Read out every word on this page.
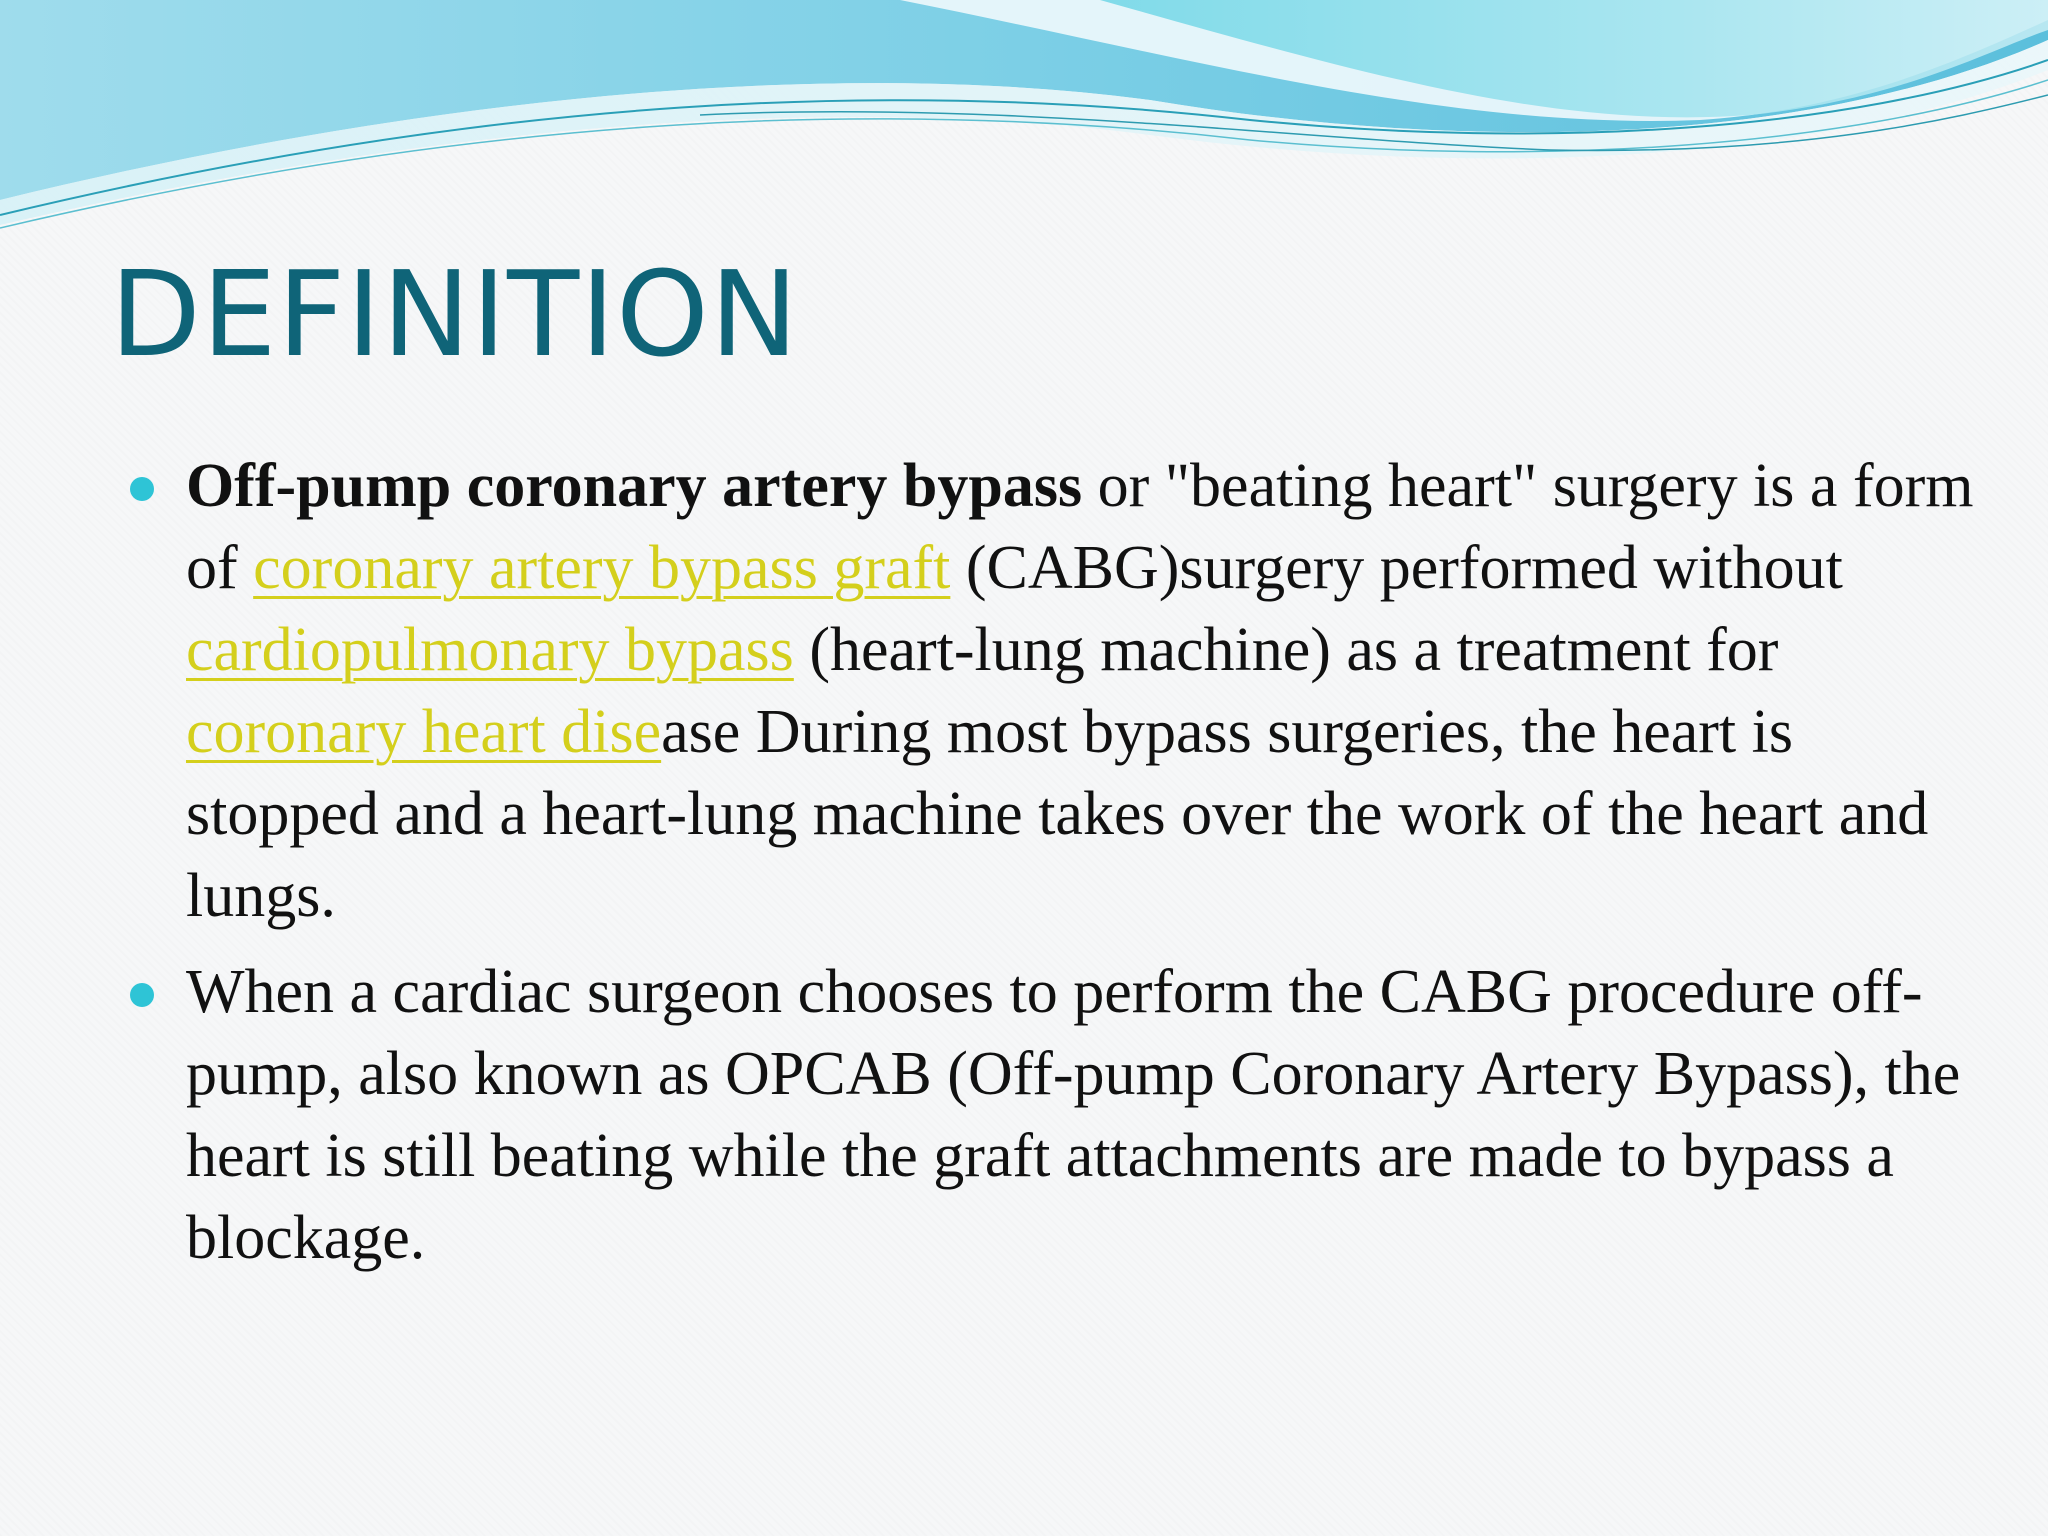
DEFINITION
Off-pump coronary artery bypass or "beating heart" surgery is a form of coronary artery bypass graft (CABG)surgery performed without cardiopulmonary bypass (heart-lung machine) as a treatment for coronary heart disease During most bypass surgeries, the heart is stopped and a heart-lung machine takes over the work of the heart and lungs.
When a cardiac surgeon chooses to perform the CABG procedure off-pump, also known as OPCAB (Off-pump Coronary Artery Bypass), the heart is still beating while the graft attachments are made to bypass a blockage.
